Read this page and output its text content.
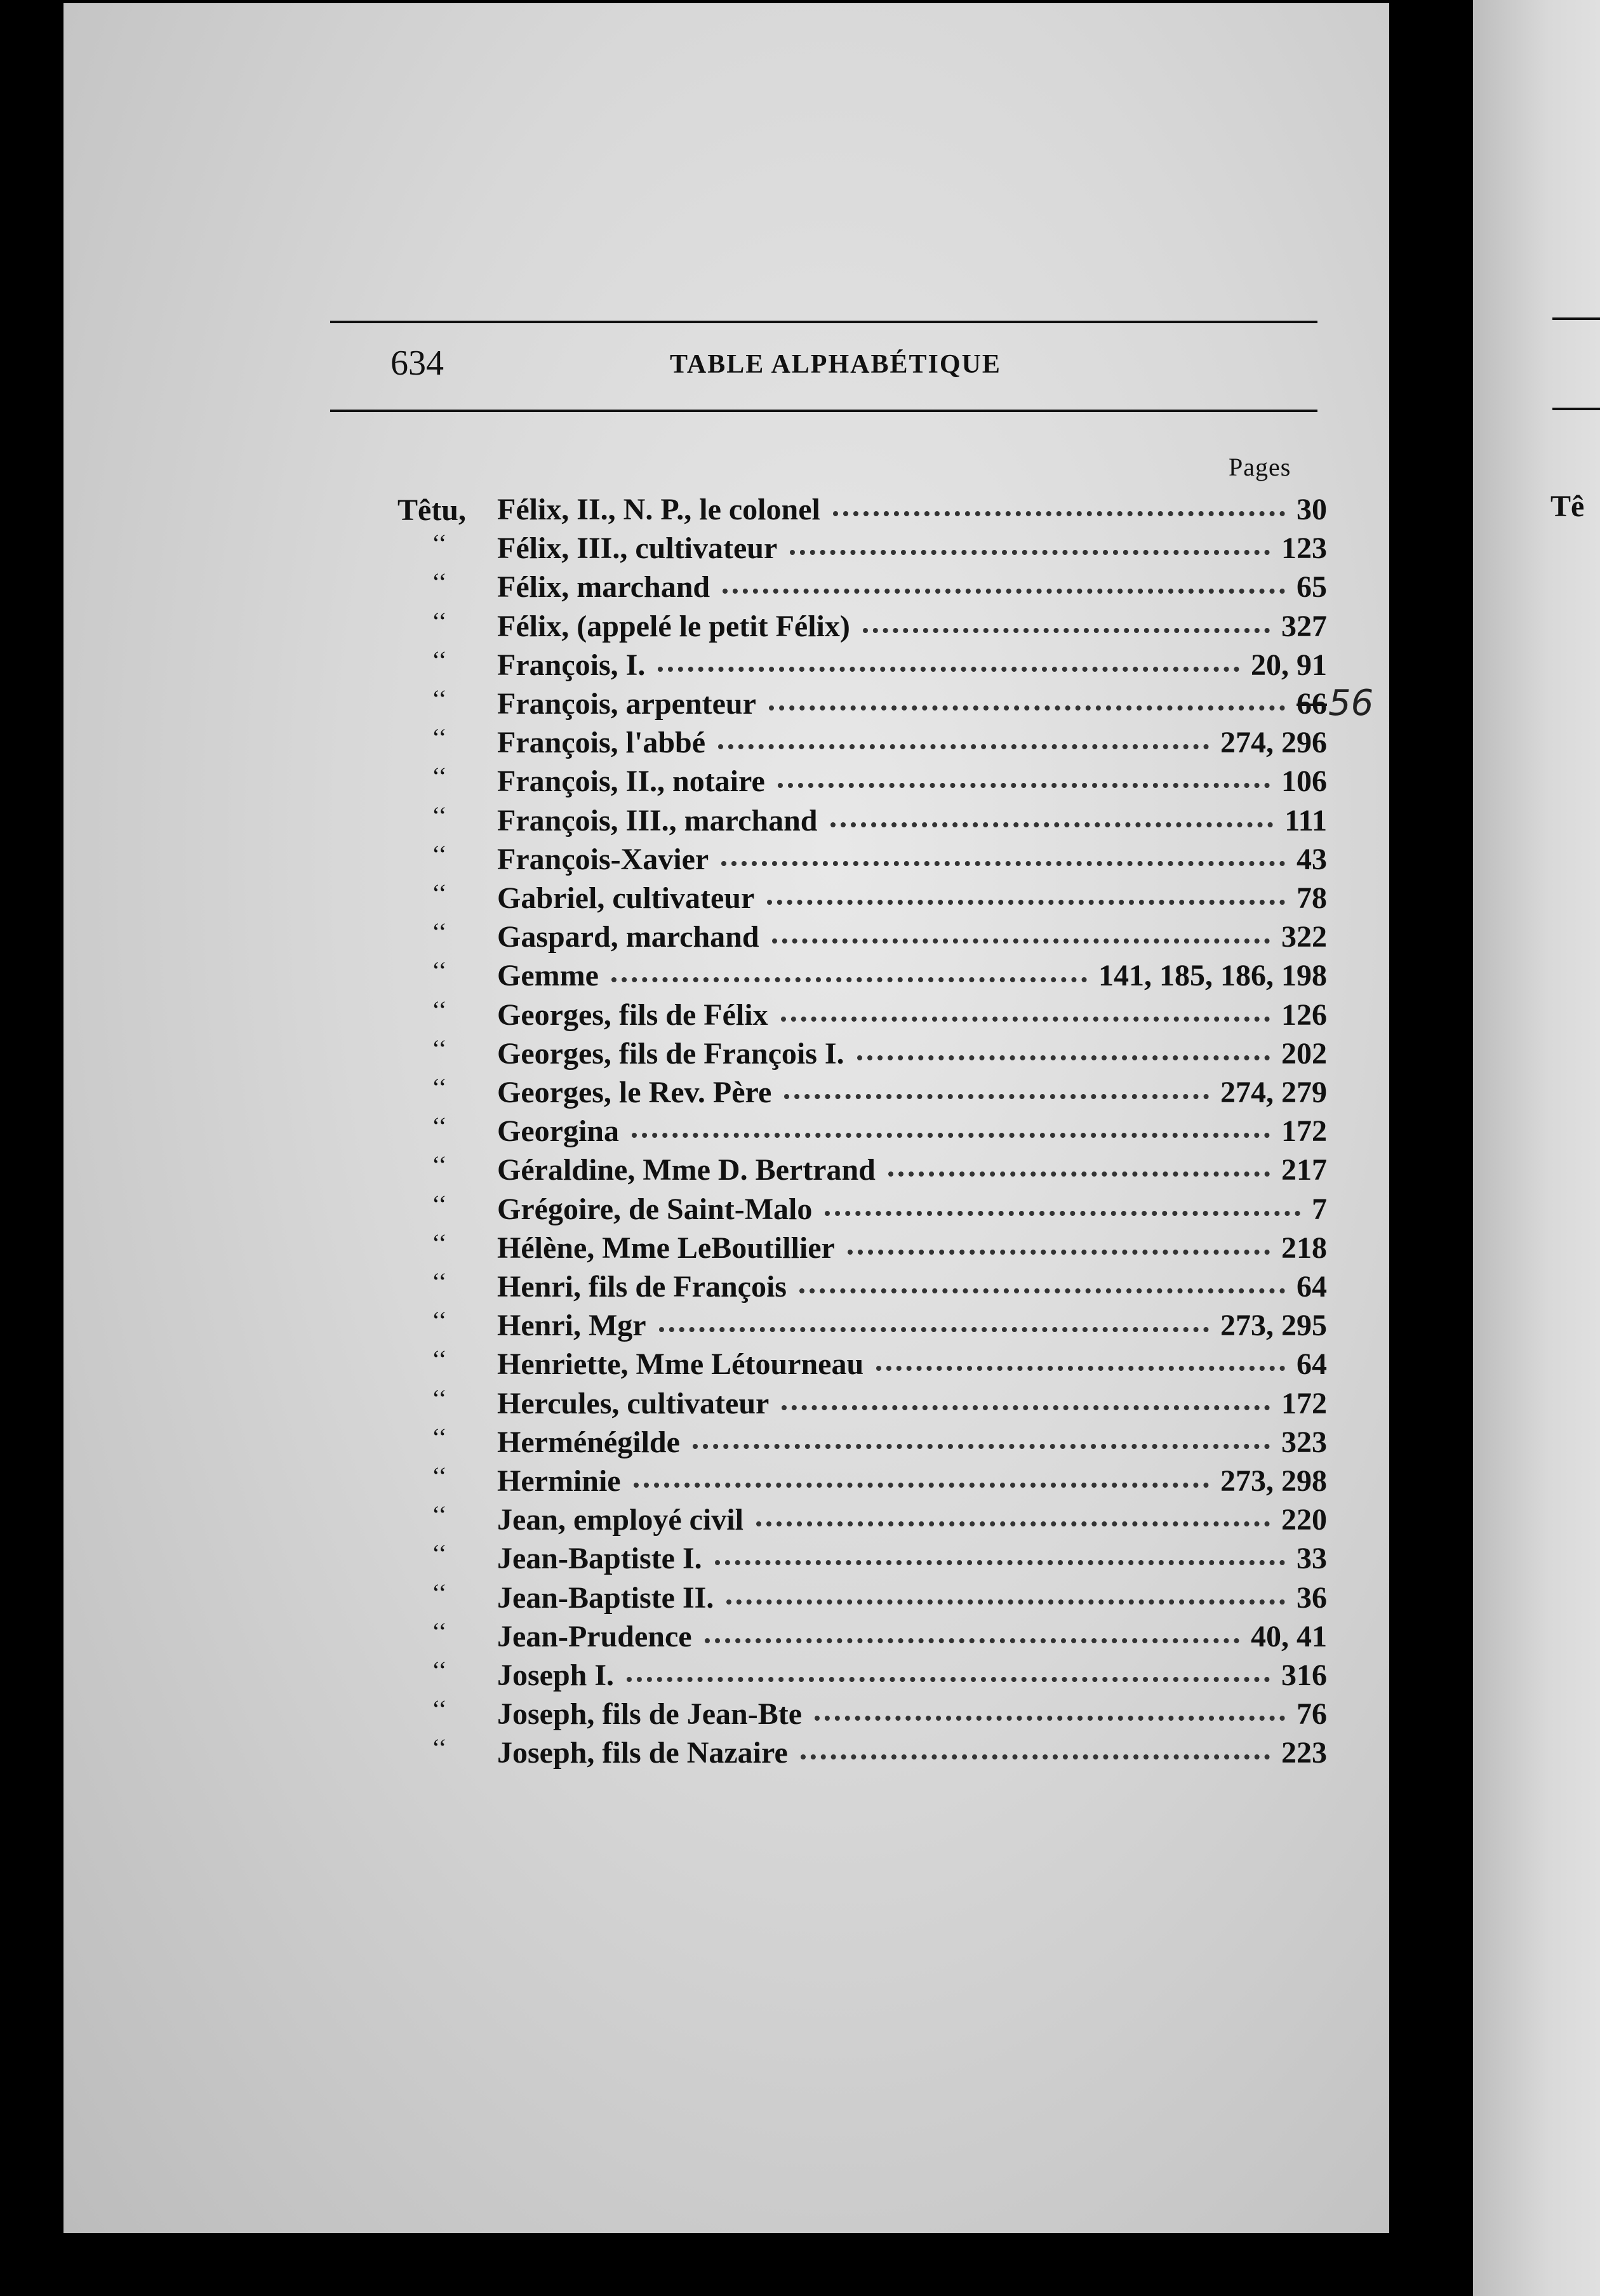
Tê
634	TABLE ALPHABÉTIQUE
Pages
Têtu, Félix, II., N. P., le colonel	30
‘‘ Félix, III., cultivateur	123
‘‘ Félix, marchand	65
‘‘ Félix, (appelé le petit Félix)	327
‘‘ François, I.	20, 91
‘‘ François, arpenteur	66
‘‘ François, l'abbé	274, 296
‘‘ François, II., notaire	106
‘‘ François, III., marchand	111
‘‘ François-Xavier	43
‘‘ Gabriel, cultivateur	78
‘‘ Gaspard, marchand	322
‘‘ Gemme	141, 185, 186, 198
‘‘ Georges, fils de Félix	126
‘‘ Georges, fils de François I.	202
‘‘ Georges, le Rev. Père	274, 279
‘‘ Georgina	172
‘‘ Géraldine, Mme D. Bertrand	217
‘‘ Grégoire, de Saint-Malo	7
‘‘ Hélène, Mme LeBoutillier	218
‘‘ Henri, fils de François	64
‘‘ Henri, Mgr	273, 295
‘‘ Henriette, Mme Létourneau	64
‘‘ Hercules, cultivateur	172
‘‘ Herménégilde	323
‘‘ Herminie	273, 298
‘‘ Jean, employé civil	220
‘‘ Jean-Baptiste I.	33
‘‘ Jean-Baptiste II.	36
‘‘ Jean-Prudence	40, 41
‘‘ Joseph I.	316
‘‘ Joseph, fils de Jean-Bte	76
‘‘ Joseph, fils de Nazaire	223
56
